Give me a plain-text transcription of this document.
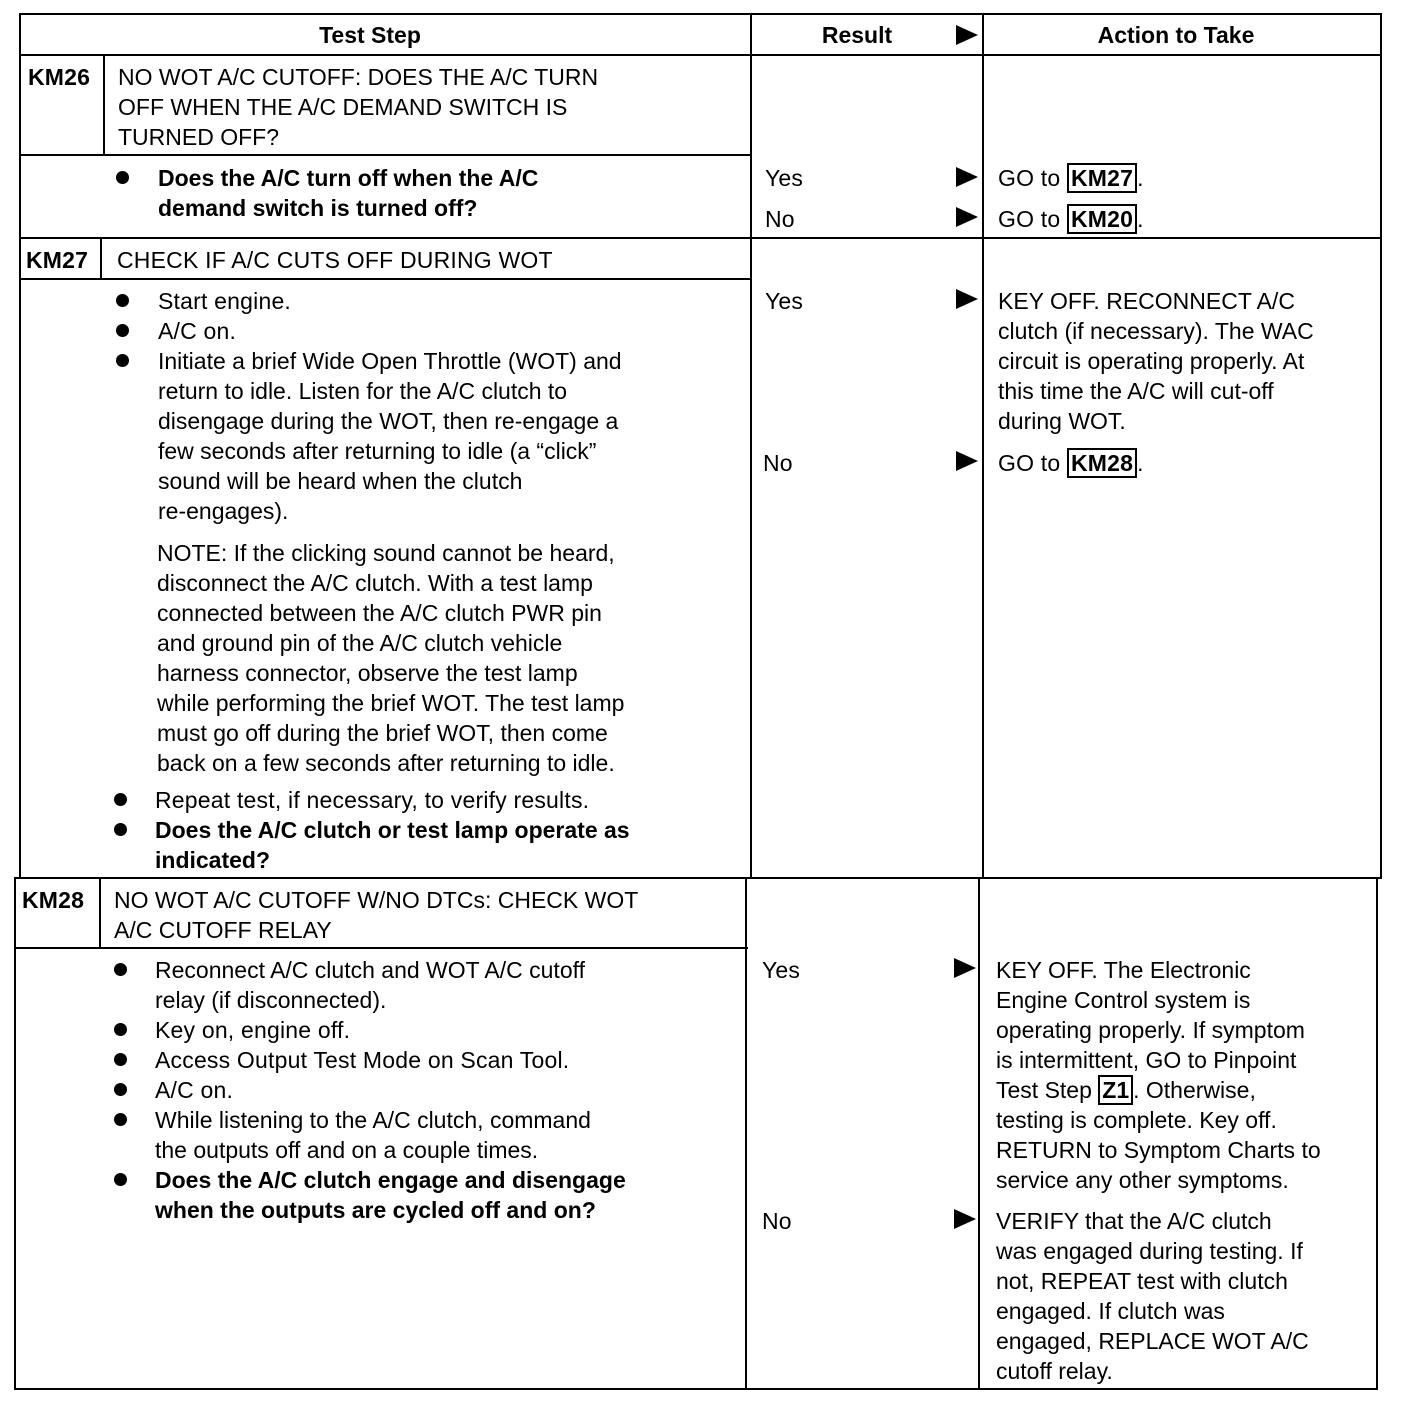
Test Step	Result	Action to Take
KM26 NO WOT A/C CUTOFF: DOES THE A/C TURN
OFF WHEN THE A/C DEMAND SWITCH IS
TURNED OFF?
Does the A/C turn off when the A/C
demand switch is turned off?
Yes	GO to KM27 .
No	GO to KM20 .
KM27 CHECK IF A/C CUTS OFF DURING WOT
Start engine.
A/C on.
Initiate a brief Wide Open Throttle (WOT) and
return to idle. Listen for the A/C clutch to
disengage during the WOT, then re-engage a
few seconds after returning to idle (a “click”
sound will be heard when the clutch
re-engages).
NOTE: If the clicking sound cannot be heard,
disconnect the A/C clutch. With a test lamp
connected between the A/C clutch PWR pin
and ground pin of the A/C clutch vehicle
harness connector, observe the test lamp
while performing the brief WOT. The test lamp
must go off during the brief WOT, then come
back on a few seconds after returning to idle.
Repeat test, if necessary, to verify results.
Does the A/C clutch or test lamp operate as
indicated?
Yes	KEY OFF. RECONNECT A/C
clutch (if necessary). The WAC
circuit is operating properly. At
this time the A/C will cut-off
during WOT.
No	GO to KM28 .
KM28 NO WOT A/C CUTOFF W/NO DTCs: CHECK WOT
A/C CUTOFF RELAY
Reconnect A/C clutch and WOT A/C cutoff
relay (if disconnected).
Key on, engine off.
Access Output Test Mode on Scan Tool.
A/C on.
While listening to the A/C clutch, command
the outputs off and on a couple times.
Does the A/C clutch engage and disengage
when the outputs are cycled off and on?
Yes	KEY OFF. The Electronic
Engine Control system is
operating properly. If symptom
is intermittent, GO to Pinpoint
Test Step Z1 . Otherwise,
testing is complete. Key off.
RETURN to Symptom Charts to
service any other symptoms.
No	VERIFY that the A/C clutch
was engaged during testing. If
not, REPEAT test with clutch
engaged. If clutch was
engaged, REPLACE WOT A/C
cutoff relay.
